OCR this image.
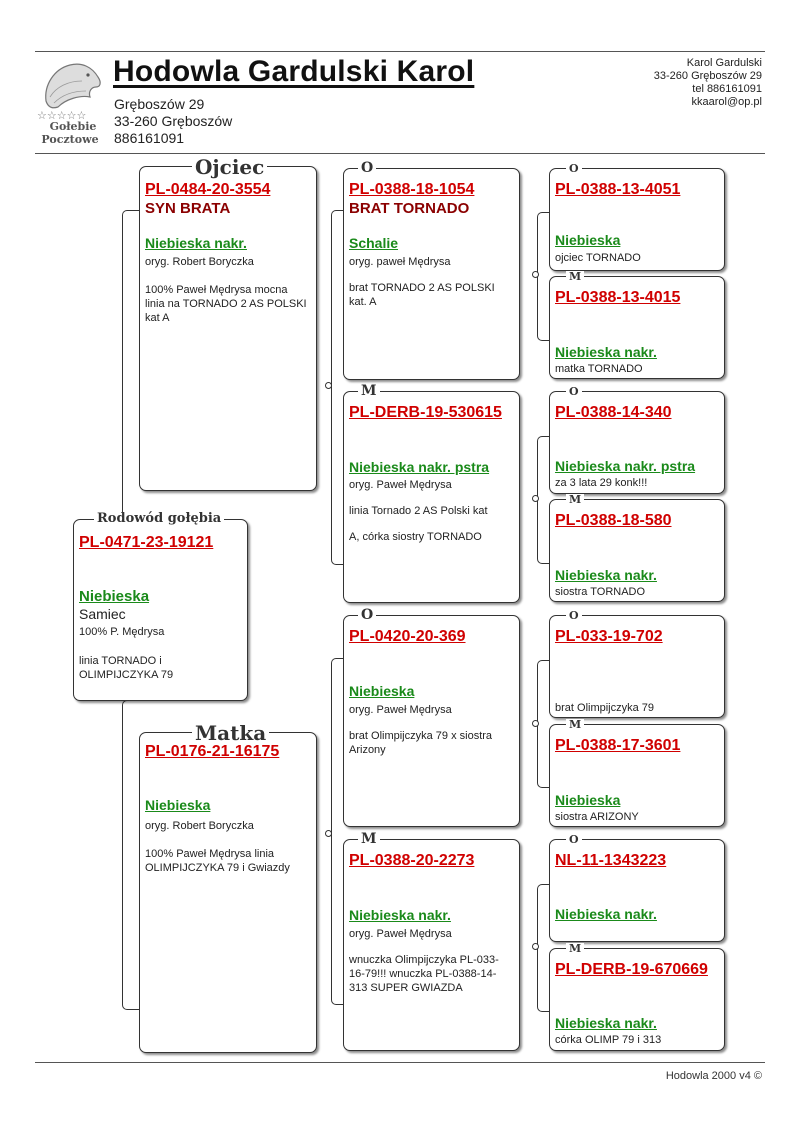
☆☆☆☆☆
Gołebie
Pocztowe
Hodowla Gardulski Karol
Gręboszów 29
33-260 Gręboszów
886161091
Karol Gardulski
33-260 Gręboszów 29
tel 886161091
kkaarol@op.pl
Rodowód gołębia
PL-0471-23-19121
Niebieska
Samiec
100% P. Mędrysa
linia TORNADO i OLIMPIJCZYKA 79
Ojciec
PL-0484-20-3554
SYN BRATA
Niebieska nakr.
oryg. Robert Boryczka
100% Paweł Mędrysa mocna linia na TORNADO 2 AS POLSKI kat A
Matka
PL-0176-21-16175
Niebieska
oryg. Robert Boryczka
100% Paweł Mędrysa linia OLIMPIJCZYKA 79 i Gwiazdy
O
PL-0388-18-1054
BRAT TORNADO
Schalie
oryg. paweł Mędrysa
brat TORNADO 2 AS POLSKI kat. A
M
PL-DERB-19-530615
Niebieska nakr. pstra
oryg. Paweł Mędrysa
linia Tornado 2 AS Polski kat
A, córka siostry TORNADO
O
PL-0420-20-369
Niebieska
oryg. Paweł Mędrysa
brat Olimpijczyka 79 x siostra Arizony
M
PL-0388-20-2273
Niebieska nakr.
oryg. Paweł Mędrysa
wnuczka Olimpijczyka PL-033-16-79!!! wnuczka PL-0388-14-313 SUPER GWIAZDA
O
PL-0388-13-4051
Niebieska
ojciec TORNADO
M
PL-0388-13-4015
Niebieska nakr.
matka TORNADO
O
PL-0388-14-340
Niebieska nakr. pstra
za 3 lata 29 konk!!!
M
PL-0388-18-580
Niebieska nakr.
siostra TORNADO
O
PL-033-19-702
brat Olimpijczyka 79
M
PL-0388-17-3601
Niebieska
siostra ARIZONY
O
NL-11-1343223
Niebieska nakr.
M
PL-DERB-19-670669
Niebieska nakr.
córka OLIMP 79 i 313
Hodowla 2000 v4 ©
